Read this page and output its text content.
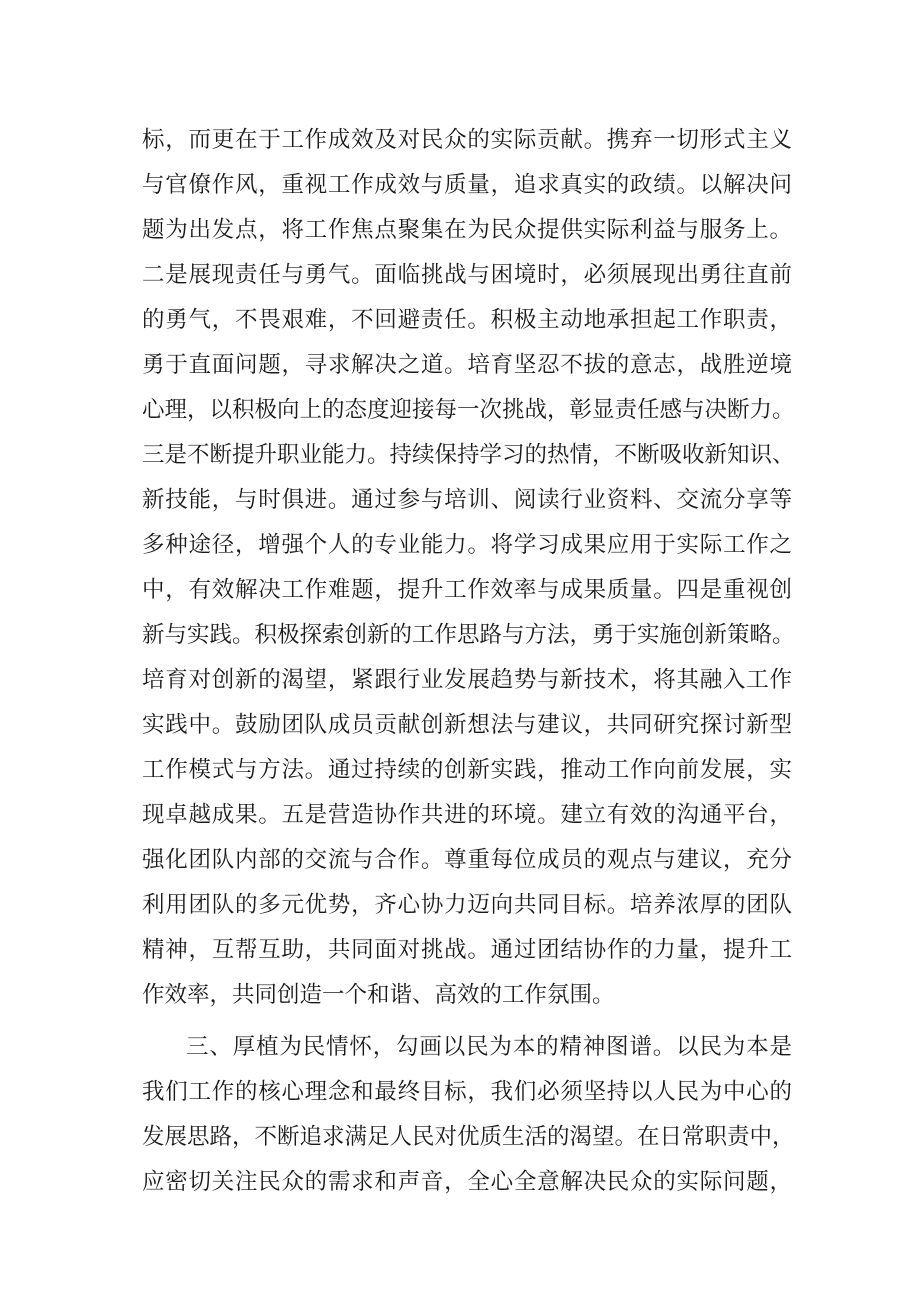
标，而更在于工作成效及对民众的实际贡献。携弃一切形式主义
与官僚作风，重视工作成效与质量，追求真实的政绩。以解决问
题为出发点，将工作焦点聚集在为民众提供实际利益与服务上。
二是展现责任与勇气。面临挑战与困境时，必须展现出勇往直前
的勇气，不畏艰难，不回避责任。积极主动地承担起工作职责，
勇于直面问题，寻求解决之道。培育坚忍不拔的意志，战胜逆境
心理，以积极向上的态度迎接每一次挑战，彰显责任感与决断力。
三是不断提升职业能力。持续保持学习的热情，不断吸收新知识、
新技能，与时俱进。通过参与培训、阅读行业资料、交流分享等
多种途径，增强个人的专业能力。将学习成果应用于实际工作之
中，有效解决工作难题，提升工作效率与成果质量。四是重视创
新与实践。积极探索创新的工作思路与方法，勇于实施创新策略。
培育对创新的渴望，紧跟行业发展趋势与新技术，将其融入工作
实践中。鼓励团队成员贡献创新想法与建议，共同研究探讨新型
工作模式与方法。通过持续的创新实践，推动工作向前发展，实
现卓越成果。五是营造协作共进的环境。建立有效的沟通平台，
强化团队内部的交流与合作。尊重每位成员的观点与建议，充分
利用团队的多元优势，齐心协力迈向共同目标。培养浓厚的团队
精神，互帮互助，共同面对挑战。通过团结协作的力量，提升工
作效率，共同创造一个和谐、高效的工作氛围。
三、厚植为民情怀，勾画以民为本的精神图谱。以民为本是
我们工作的核心理念和最终目标，我们必须坚持以人民为中心的
发展思路，不断追求满足人民对优质生活的渴望。在日常职责中，
应密切关注民众的需求和声音，全心全意解决民众的实际问题，
